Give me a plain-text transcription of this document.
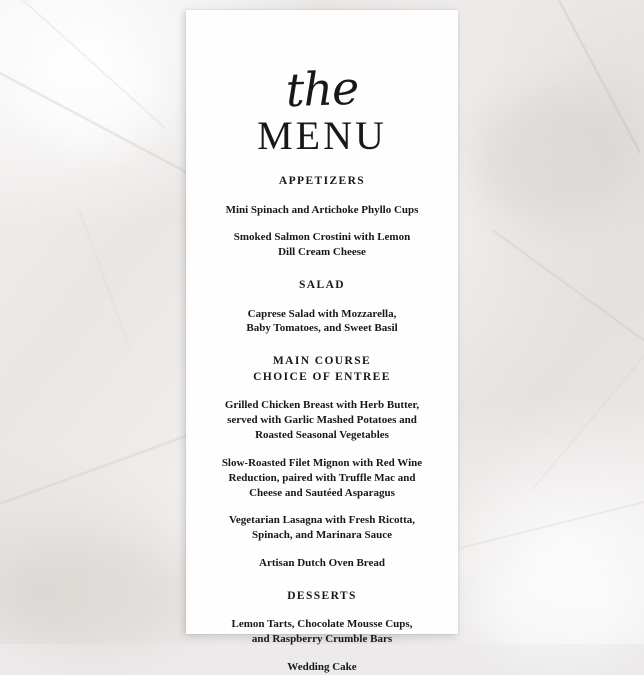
the
MENU
APPETIZERS
Mini Spinach and Artichoke Phyllo Cups
Smoked Salmon Crostini with Lemon
Dill Cream Cheese
SALAD
Caprese Salad with Mozzarella,
Baby Tomatoes, and Sweet Basil
MAIN COURSE
CHOICE OF ENTREE
Grilled Chicken Breast with Herb Butter,
served with Garlic Mashed Potatoes and
Roasted Seasonal Vegetables
Slow-Roasted Filet Mignon with Red Wine
Reduction, paired with Truffle Mac and
Cheese and Sautéed Asparagus
Vegetarian Lasagna with Fresh Ricotta,
Spinach, and Marinara Sauce
Artisan Dutch Oven Bread
DESSERTS
Lemon Tarts, Chocolate Mousse Cups,
and Raspberry Crumble Bars
Wedding Cake
